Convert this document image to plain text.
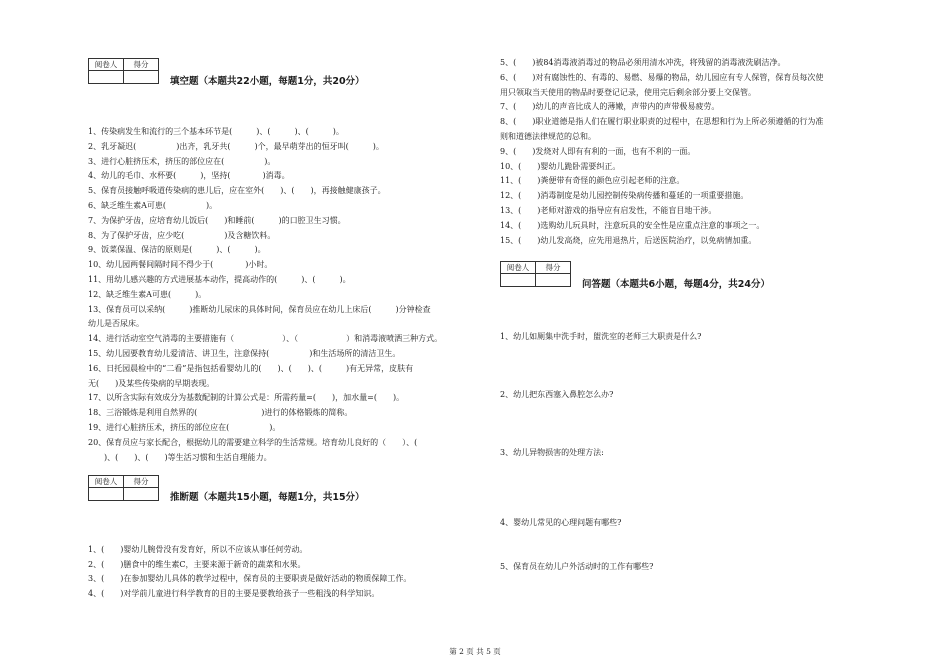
阅卷人	得分

填空题（本题共22小题，每题1分，共20分）
1、传染病发生和流行的三个基本环节是(　　　)、(　　　)、(　　　)。
2、乳牙凝迟(　　　　　)出齐，乳牙共(　　　)个，最早萌芽出的恒牙叫(　　　)。
3、进行心脏挤压术，挤压的部位应在(　　　　　)。
4、幼儿的毛巾、水杯要(　　　)，坚持(　　　　)消毒。
5、保育员接触呼吸道传染病的患儿后，应在室外(　　)、(　　)，再接触健康孩子。
6、缺乏维生素A可患(　　　　　)。
7、为保护牙齿，应培育幼儿饭后(　　)和睡前(　　　)的口腔卫生习惯。
8、为了保护牙齿，应少吃(　　　　　)及含糖饮料。
9、饭菜保温、保洁的原则是(　　　)、(　　　)。
10、幼儿园两餐间隔时间不得少于(　　　　)小时。
11、用幼儿感兴趣的方式进展基本动作，提高动作的(　　　)、(　　　)。
12、缺乏维生素A可患(　　　)。
13、保育员可以采纳(　　　)推断幼儿尿床的具体时间，保育员应在幼儿上床后(　　　)分钟检查
幼儿是否尿床。
14、进行活动室空气消毒的主要措施有（　　　　　　）、（　　　　　　）和消毒液喷洒三种方式。
15、幼儿园要教育幼儿爱清洁、讲卫生，注意保持(　　　　　)和生活场所的清洁卫生。
16、日托园晨检中的“二看”是指包括看婴幼儿的(　　)、(　　)、(　　　)有无异常，皮肤有
无(　　)及某些传染病的早期表现。
17、以所含实际有效成分为基数配制的计算公式是：所需药量=(　　)，加水量=(　　)。
18、三浴锻炼是利用自然界的(　　　　　　　　)进行的体格锻炼的简称。
19、进行心脏挤压术，挤压的部位应在(　　　　　)。
20、保育员应与家长配合，根据幼儿的需要建立科学的生活常规。培育幼儿良好的（　　）、(
　　)、(　　)、(　　)等生活习惯和生活自理能力。
阅卷人	得分

推断题（本题共15小题，每题1分，共15分）
1、(　　)婴幼儿腕骨没有发育好，所以不应该从事任何劳动。
2、(　　)膳食中的维生素C，主要来源于新奇的蔬菜和水果。
3、(　　)在参加婴幼儿具体的教学过程中，保育员的主要职责是做好活动的物质保障工作。
4、(　　)对学前儿童进行科学教育的目的主要是要教给孩子一些粗浅的科学知识。
5、(　　)被84消毒液消毒过的物品必须用清水冲洗，将残留的消毒液洗刷洁净。
6、(　　)对有腐蚀性的、有毒的、易燃、易爆的物品，幼儿园应有专人保管，保育员每次使
用只领取当天使用的物品时要登记记录，使用完后剩余部分要上交保管。
7、(　　)幼儿的声音比成人的薄嫩，声带内的声带极易疲劳。
8、(　　)职业道德是指人们在履行职业职责的过程中，在思想和行为上所必须遵循的行为准
则和道德法律规范的总和。
9、(　　)发烧对人即有有利的一面，也有不利的一面。
10、(　　)婴幼儿跪卧需要纠正。
11、(　　)粪便带有奇怪的颜色应引起老师的注意。
12、(　　)消毒制度是幼儿园控制传染病传播和蔓延的一项重要措施。
13、(　　)老师对游戏的指导应有启发性，不能盲目地干涉。
14、(　　)选购幼儿玩具时，注意玩具的安全性是应重点注意的事项之一。
15、(　　)幼儿发高烧，应先用退热片，后送医院治疗，以免病情加重。
阅卷人	得分

问答题（本题共6小题，每题4分，共24分）
1、幼儿如厕集中洗手时，盥洗室的老师三大职责是什么?
2、幼儿把东西塞入鼻腔怎么办?
3、幼儿异物损害的处理方法:
4、婴幼儿常见的心理问题有哪些?
5、保育员在幼儿户外活动时的工作有哪些?
第 2 页 共 5 页
